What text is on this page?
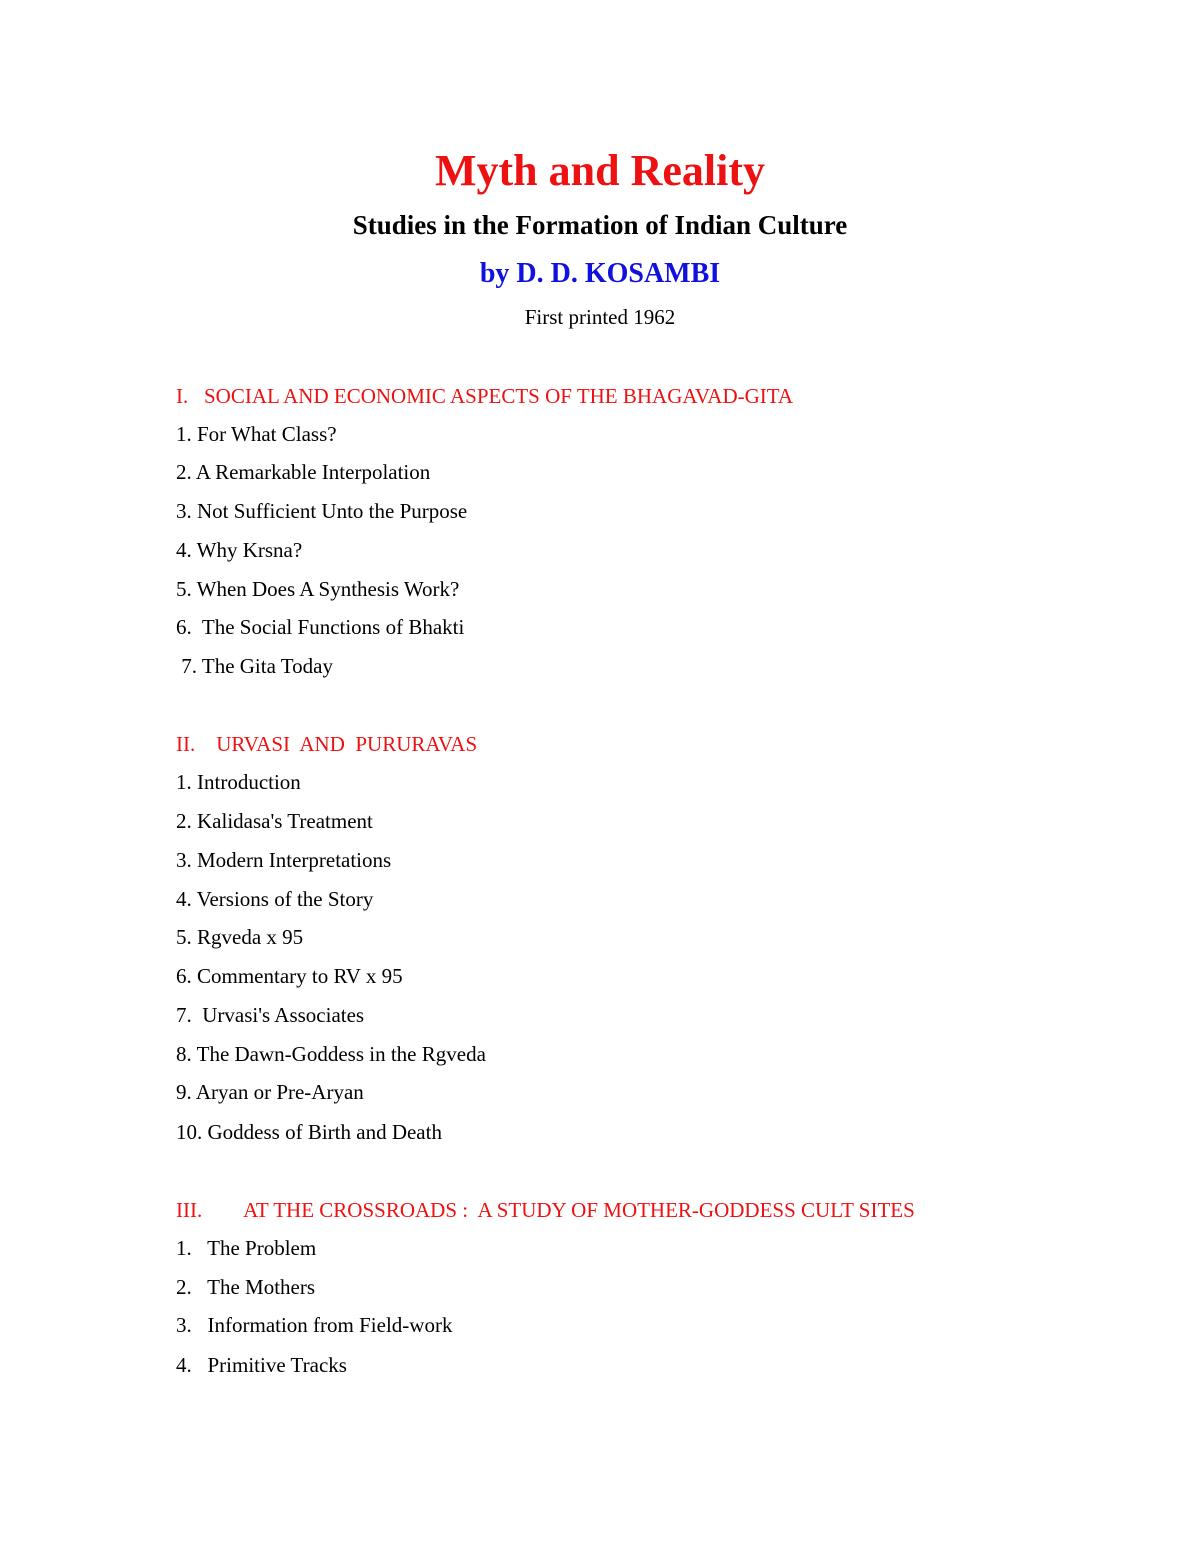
Myth and Reality
Studies in the Formation of Indian Culture
by D. D. KOSAMBI
First printed 1962
I.   SOCIAL AND ECONOMIC ASPECTS OF THE BHAGAVAD-GITA
1. For What Class?
2. A Remarkable Interpolation
3. Not Sufficient Unto the Purpose
4. Why Krsna?
5. When Does A Synthesis Work?
6.  The Social Functions of Bhakti
7. The Gita Today
II.    URVASI  AND  PURURAVAS
1. Introduction
2. Kalidasa's Treatment
3. Modern Interpretations
4. Versions of the Story
5. Rgveda x 95
6. Commentary to RV x 95
7.  Urvasi's Associates
8. The Dawn-Goddess in the Rgveda
9. Aryan or Pre-Aryan
10. Goddess of Birth and Death
III.        AT THE CROSSROADS :  A STUDY OF MOTHER-GODDESS CULT SITES
1.   The Problem
2.   The Mothers
3.   Information from Field-work
4.   Primitive Tracks
